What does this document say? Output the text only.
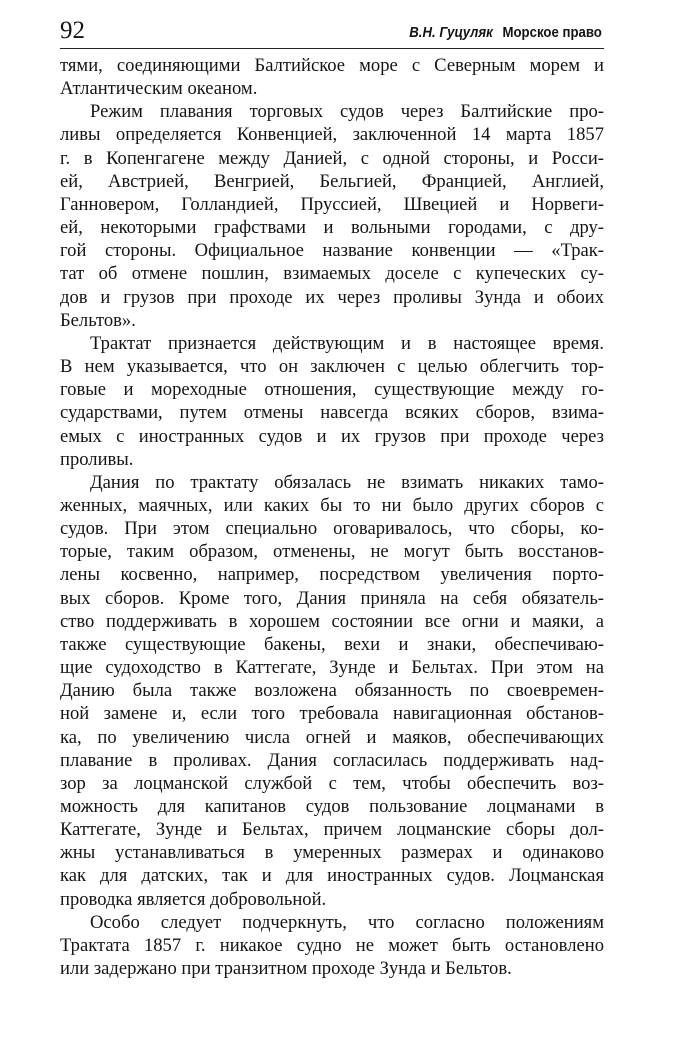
92	В.Н. Гуцуляк Морское право
тями, соединяющими Балтийское море с Северным морем и
Атлантическим океаном.
Режим плавания торговых судов через Балтийские про-
ливы определяется Конвенцией, заключенной 14 марта 1857
г. в Копенгагене между Данией, с одной стороны, и Росси-
ей, Австрией, Венгрией, Бельгией, Францией, Англией,
Ганновером, Голландией, Пруссией, Швецией и Норвеги-
ей, некоторыми графствами и вольными городами, с дру-
гой стороны. Официальное название конвенции — «Трак-
тат об отмене пошлин, взимаемых доселе с купеческих су-
дов и грузов при проходе их через проливы Зунда и обоих
Бельтов».
Трактат признается действующим и в настоящее время.
В нем указывается, что он заключен с целью облегчить тор-
говые и мореходные отношения, существующие между го-
сударствами, путем отмены навсегда всяких сборов, взима-
емых с иностранных судов и их грузов при проходе через
проливы.
Дания по трактату обязалась не взимать никаких тамо-
женных, маячных, или каких бы то ни было других сборов с
судов. При этом специально оговаривалось, что сборы, ко-
торые, таким образом, отменены, не могут быть восстанов-
лены косвенно, например, посредством увеличения порто-
вых сборов. Кроме того, Дания приняла на себя обязатель-
ство поддерживать в хорошем состоянии все огни и маяки, а
также существующие бакены, вехи и знаки, обеспечиваю-
щие судоходство в Каттегате, Зунде и Бельтах. При этом на
Данию была также возложена обязанность по своевремен-
ной замене и, если того требовала навигационная обстанов-
ка, по увеличению числа огней и маяков, обеспечивающих
плавание в проливах. Дания согласилась поддерживать над-
зор за лоцманской службой с тем, чтобы обеспечить воз-
можность для капитанов судов пользование лоцманами в
Каттегате, Зунде и Бельтах, причем лоцманские сборы дол-
жны устанавливаться в умеренных размерах и одинаково
как для датских, так и для иностранных судов. Лоцманская
проводка является добровольной.
Особо следует подчеркнуть, что согласно положениям
Трактата 1857 г. никакое судно не может быть остановлено
или задержано при транзитном проходе Зунда и Бельтов.
